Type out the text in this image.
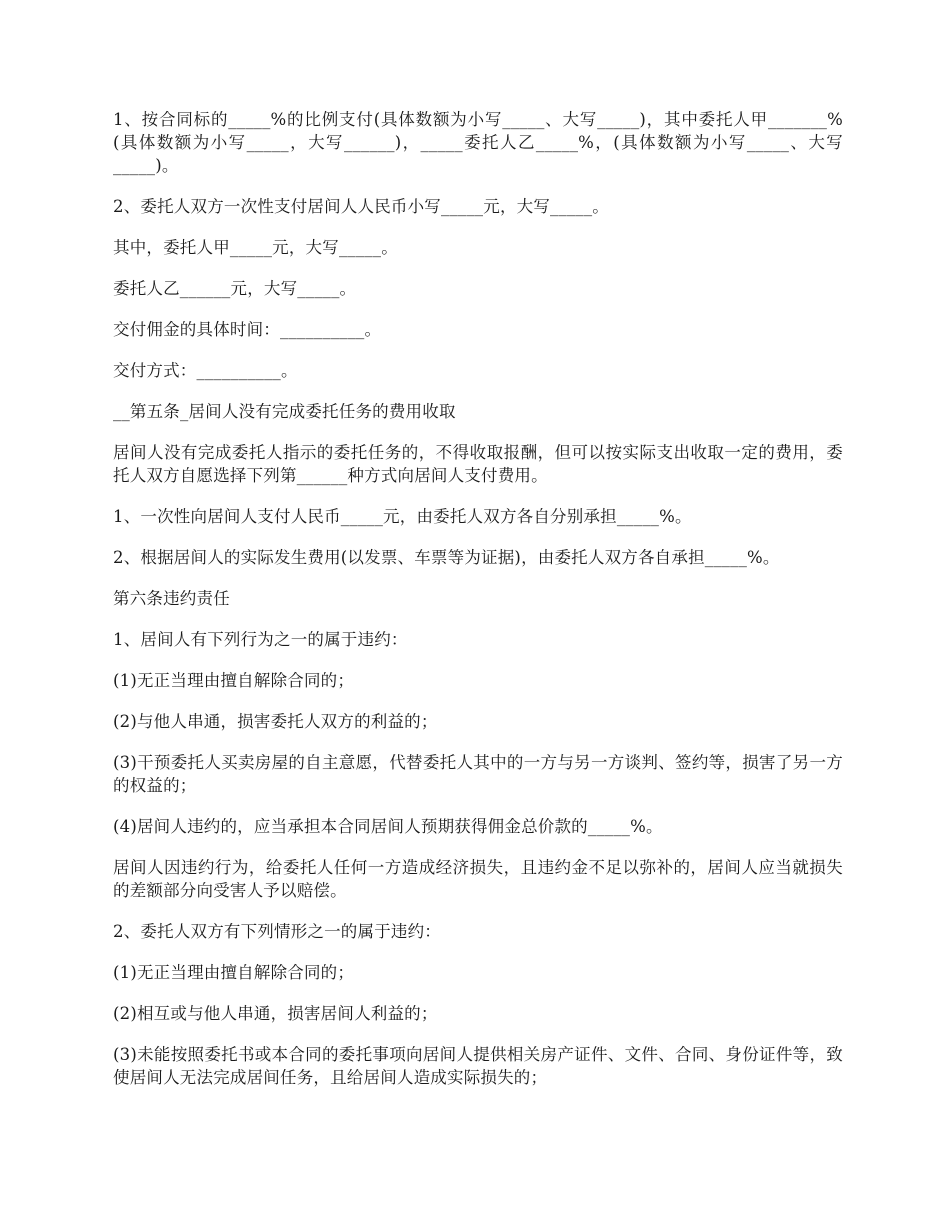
1、按合同标的_____%的比例支付(具体数额为小写_____、大写_____)，其中委托人甲_______%(具体数额为小写_____，大写______)，_____委托人乙_____%，(具体数额为小写_____、大写_____)。

2、委托人双方一次性支付居间人人民币小写_____元，大写_____。

其中，委托人甲_____元，大写_____。

委托人乙______元，大写_____。

交付佣金的具体时间：__________。

交付方式：__________。

__第五条_居间人没有完成委托任务的费用收取

居间人没有完成委托人指示的委托任务的，不得收取报酬，但可以按实际支出收取一定的费用，委托人双方自愿选择下列第______种方式向居间人支付费用。

1、一次性向居间人支付人民币_____元，由委托人双方各自分别承担_____%。

2、根据居间人的实际发生费用(以发票、车票等为证据)，由委托人双方各自承担_____%。

第六条违约责任

1、居间人有下列行为之一的属于违约：

(1)无正当理由擅自解除合同的；

(2)与他人串通，损害委托人双方的利益的；

(3)干预委托人买卖房屋的自主意愿，代替委托人其中的一方与另一方谈判、签约等，损害了另一方的权益的；

(4)居间人违约的，应当承担本合同居间人预期获得佣金总价款的_____%。

居间人因违约行为，给委托人任何一方造成经济损失，且违约金不足以弥补的，居间人应当就损失的差额部分向受害人予以赔偿。

2、委托人双方有下列情形之一的属于违约：

(1)无正当理由擅自解除合同的；

(2)相互或与他人串通，损害居间人利益的；

(3)未能按照委托书或本合同的委托事项向居间人提供相关房产证件、文件、合同、身份证件等，致使居间人无法完成居间任务，且给居间人造成实际损失的；
